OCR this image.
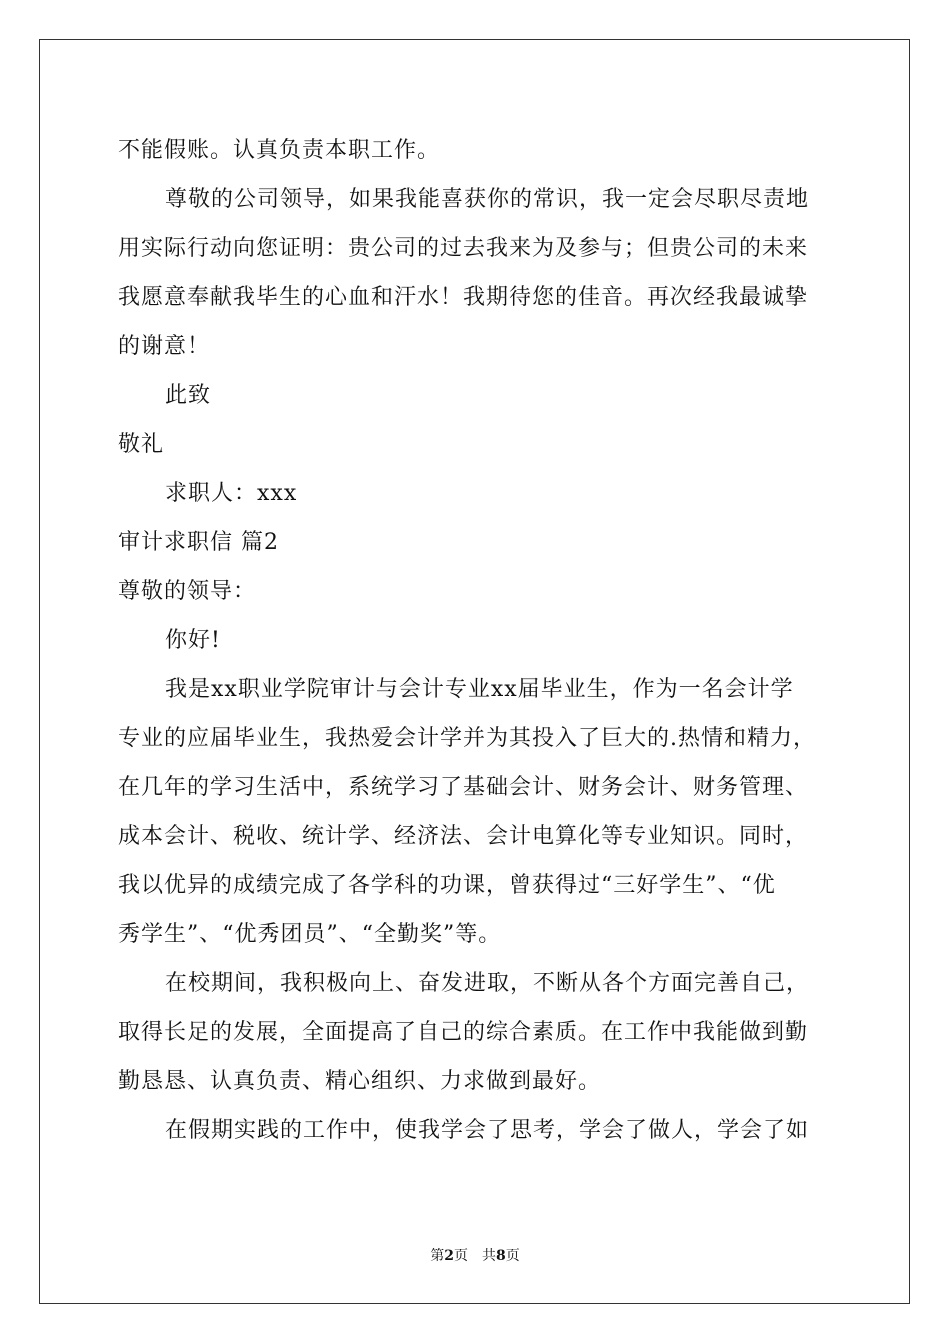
不能假账。认真负责本职工作。
尊敬的公司领导，如果我能喜获你的常识，我一定会尽职尽责地
用实际行动向您证明：贵公司的过去我来为及参与；但贵公司的未来
我愿意奉献我毕生的心血和汗水！我期待您的佳音。再次经我最诚挚
的谢意！
此致
敬礼
求职人：xxx
审计求职信 篇2
尊敬的领导：
你好!
我是xx职业学院审计与会计专业xx届毕业生，作为一名会计学
专业的应届毕业生，我热爱会计学并为其投入了巨大的.热情和精力，
在几年的学习生活中，系统学习了基础会计、财务会计、财务管理、
成本会计、税收、统计学、经济法、会计电算化等专业知识。同时，
我以优异的成绩完成了各学科的功课，曾获得过“三好学生”、“优
秀学生”、“优秀团员”、“全勤奖”等。
在校期间，我积极向上、奋发进取，不断从各个方面完善自己，
取得长足的发展，全面提高了自己的综合素质。在工作中我能做到勤
勤恳恳、认真负责、精心组织、力求做到最好。
在假期实践的工作中，使我学会了思考，学会了做人，学会了如
第2页 共8页
